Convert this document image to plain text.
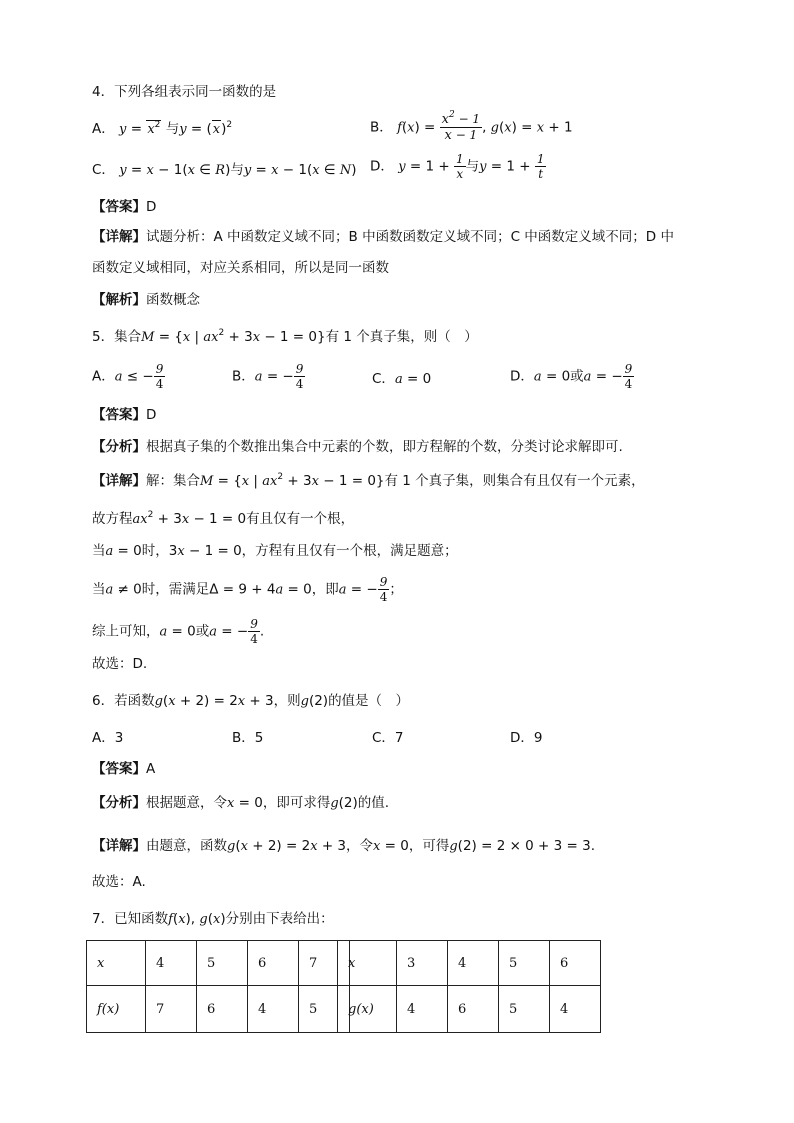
4．下列各组表示同一函数的是
A． $y = x^2$ 与$y = (x)^2$	B． $f(x) = \frac{x^2 - 1}{x - 1}$ , g(x) = x + 1
C． y = x − 1(x ∈ R)与y = x − 1(x ∈ N) D． $y = 1 + \frac{1}{x}$ 与$y = 1 + \frac{1}{t}$
【答案】D
【详解】试题分析：A 中函数定义域不同；B 中函数函数定义域不同；C 中函数定义域不同；D 中
函数定义域相同，对应关系相同，所以是同一函数
【解析】函数概念
5．集合M = {x | $ax^2 + 3x - 1 = 0$}有 1 个真子集，则（　）
A．a ≤ − $\frac{9}{4}$	B．a = − $\frac{9}{4}$	C．a = 0	D．a = 0或a = − $\frac{9}{4}$
【答案】D
【分析】根据真子集的个数推出集合中元素的个数，即方程解的个数，分类讨论求解即可.
【详解】解：集合M = {x | $ax^2 + 3x - 1 = 0$}有 1 个真子集，则集合有且仅有一个元素，
故方程$ax^2 + 3x - 1 = 0$有且仅有一个根，
当a = 0时，3x − 1 = 0，方程有且仅有一个根，满足题意；
当a ≠ 0时，需满足Δ = 9 + 4a = 0，即a = − $\frac{9}{4}$ ；
综上可知，a = 0或a = − $\frac{9}{4}$ .
故选：D.
6．若函数g(x + 2) = 2x + 3，则g(2)的值是（　）
A．3	B．5	C．7	D．9
【答案】A
【分析】根据题意，令x = 0，即可求得g(2)的值.
【详解】由题意，函数g(x + 2) = 2x + 3，令x = 0，可得g(2) = 2 × 0 + 3 = 3.
故选：A.
7．已知函数f(x), g(x)分别由下表给出：
x	4	5	6	7
f(x)	7	6	4	5
x	3	4	5	6
g(x)	4	6	5	4
